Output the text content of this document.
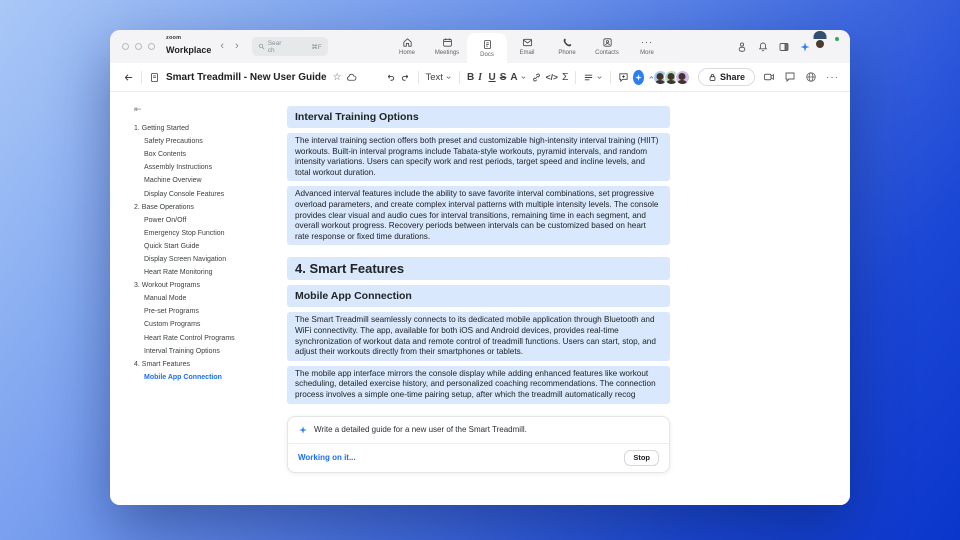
zoom
Workplace ‹ ›	Search	⌘F
Home	Meetings	Docs	Email	Phone	Contacts
···
More
Smart Treadmill - New User Guide ☆	Text B I U S A	</> Σ	Share	···
⇤
1. Getting Started
Safety Precautions
Box Contents
Assembly Instructions
Machine Overview
Display Console Features
2. Base Operations
Power On/Off
Emergency Stop Function
Quick Start Guide
Display Screen Navigation
Heart Rate Monitoring
3. Workout Programs
Manual Mode
Pre-set Programs
Custom Programs
Heart Rate Control Programs
Interval Training Options
4. Smart Features
Mobile App Connection
Interval Training Options
The interval training section offers both preset and customizable high-intensity interval training (HIIT) workouts. Built-in interval programs include Tabata-style workouts, pyramid intervals, and random intensity variations. Users can specify work and rest periods, target speed and incline levels, and total workout duration.
Advanced interval features include the ability to save favorite interval combinations, set progressive overload parameters, and create complex interval patterns with multiple intensity levels. The console provides clear visual and audio cues for interval transitions, remaining time in each segment, and overall workout progress. Recovery periods between intervals can be customized based on heart rate response or fixed time durations.
4. Smart Features
Mobile App Connection
The Smart Treadmill seamlessly connects to its dedicated mobile application through Bluetooth and WiFi connectivity. The app, available for both iOS and Android devices, provides real-time synchronization of workout data and remote control of treadmill functions. Users can start, stop, and adjust their workouts directly from their smartphones or tablets.
The mobile app interface mirrors the console display while adding enhanced features like workout scheduling, detailed exercise history, and personalized coaching recommendations. The connection process involves a simple one-time pairing setup, after which the treadmill automatically recog
Write a detailed guide for a new user of the Smart Treadmill.
Working on it...	Stop
